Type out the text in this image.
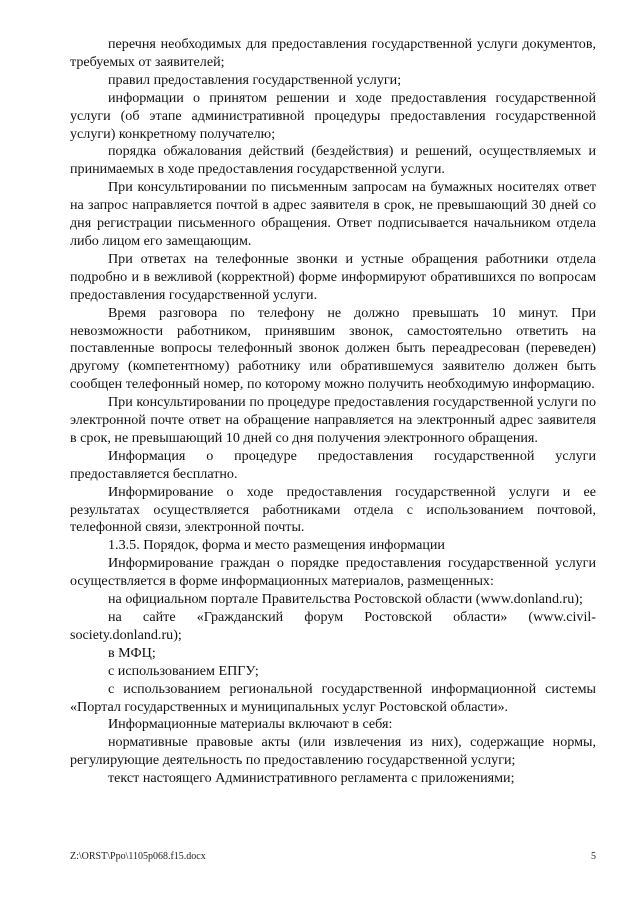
перечня необходимых для предоставления государственной услуги документов, требуемых от заявителей;

правил предоставления государственной услуги;

информации о принятом решении и ходе предоставления государственной услуги (об этапе административной процедуры предоставления государственной услуги) конкретному получателю;

порядка обжалования действий (бездействия) и решений, осуществляемых и принимаемых в ходе предоставления государственной услуги.

При консультировании по письменным запросам на бумажных носителях ответ на запрос направляется почтой в адрес заявителя в срок, не превышающий 30 дней со дня регистрации письменного обращения. Ответ подписывается начальником отдела либо лицом его замещающим.

При ответах на телефонные звонки и устные обращения работники отдела подробно и в вежливой (корректной) форме информируют обратившихся по вопросам предоставления государственной услуги.

Время разговора по телефону не должно превышать 10 минут. При невозможности работником, принявшим звонок, самостоятельно ответить на поставленные вопросы телефонный звонок должен быть переадресован (переведен) другому (компетентному) работнику или обратившемуся заявителю должен быть сообщен телефонный номер, по которому можно получить необходимую информацию.

При консультировании по процедуре предоставления государственной услуги по электронной почте ответ на обращение направляется на электронный адрес заявителя в срок, не превышающий 10 дней со дня получения электронного обращения.

Информация о процедуре предоставления государственной услуги предоставляется бесплатно.

Информирование о ходе предоставления государственной услуги и ее результатах осуществляется работниками отдела с использованием почтовой, телефонной связи, электронной почты.

1.3.5. Порядок, форма и место размещения информации

Информирование граждан о порядке предоставления государственной услуги осуществляется в форме информационных материалов, размещенных:

на официальном портале Правительства Ростовской области (www.donland.ru);

на сайте «Гражданский форум Ростовской области» (www.civil-society.donland.ru);

в МФЦ;

с использованием ЕПГУ;

с использованием региональной государственной информационной системы «Портал государственных и муниципальных услуг Ростовской области».

Информационные материалы включают в себя:

нормативные правовые акты (или извлечения из них), содержащие нормы, регулирующие деятельность по предоставлению государственной услуги;

текст настоящего Административного регламента с приложениями;

Z:\ORST\Ppo\1105p068.f15.docx	5
